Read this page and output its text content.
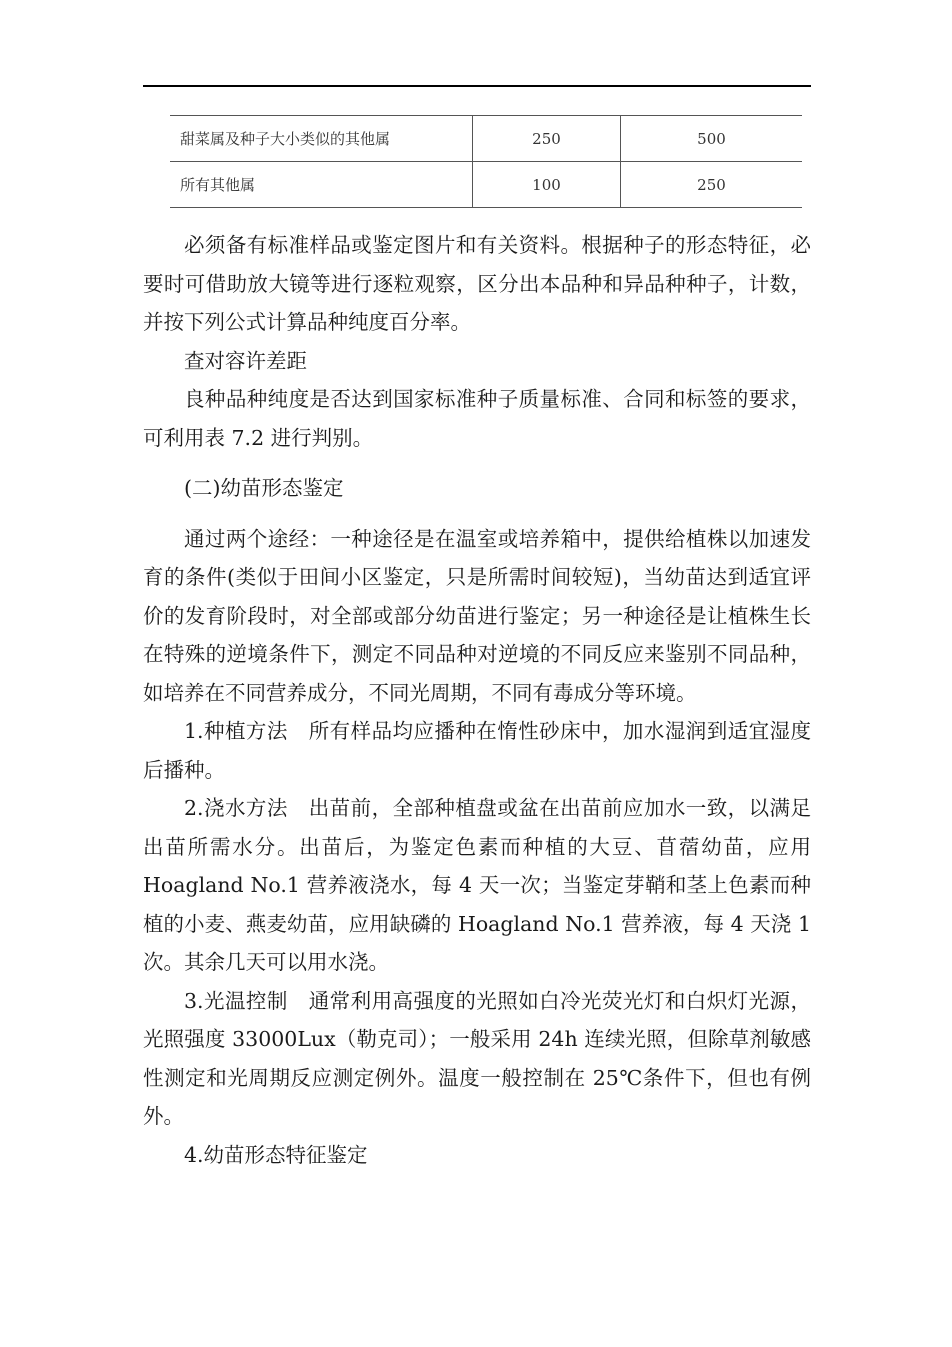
甜菜属及种子大小类似的其他属	250	500
所有其他属	100	250

必须备有标准样品或鉴定图片和有关资料。根据种子的形态特征，必要时可借助放大镜等进行逐粒观察，区分出本品种和异品种种子，计数，并按下列公式计算品种纯度百分率。

查对容许差距

良种品种纯度是否达到国家标准种子质量标准、合同和标签的要求，可利用表 7.2 进行判别。

(二)幼苗形态鉴定

通过两个途经：一种途径是在温室或培养箱中，提供给植株以加速发育的条件(类似于田间小区鉴定，只是所需时间较短)，当幼苗达到适宜评价的发育阶段时，对全部或部分幼苗进行鉴定；另一种途径是让植株生长在特殊的逆境条件下，测定不同品种对逆境的不同反应来鉴别不同品种，如培养在不同营养成分，不同光周期，不同有毒成分等环境。

1.种植方法　所有样品均应播种在惰性砂床中，加水湿润到适宜湿度后播种。

2.浇水方法　出苗前，全部种植盘或盆在出苗前应加水一致，以满足出苗所需水分。出苗后，为鉴定色素而种植的大豆、苜蓿幼苗，应用 Hoagland No.1 营养液浇水，每 4 天一次；当鉴定芽鞘和茎上色素而种植的小麦、燕麦幼苗，应用缺磷的 Hoagland No.1 营养液，每 4 天浇 1 次。其余几天可以用水浇。

3.光温控制　通常利用高强度的光照如白冷光荧光灯和白炽灯光源，光照强度 33000Lux（勒克司）；一般采用 24h 连续光照，但除草剂敏感性测定和光周期反应测定例外。温度一般控制在 25℃条件下，但也有例外。

4.幼苗形态特征鉴定
